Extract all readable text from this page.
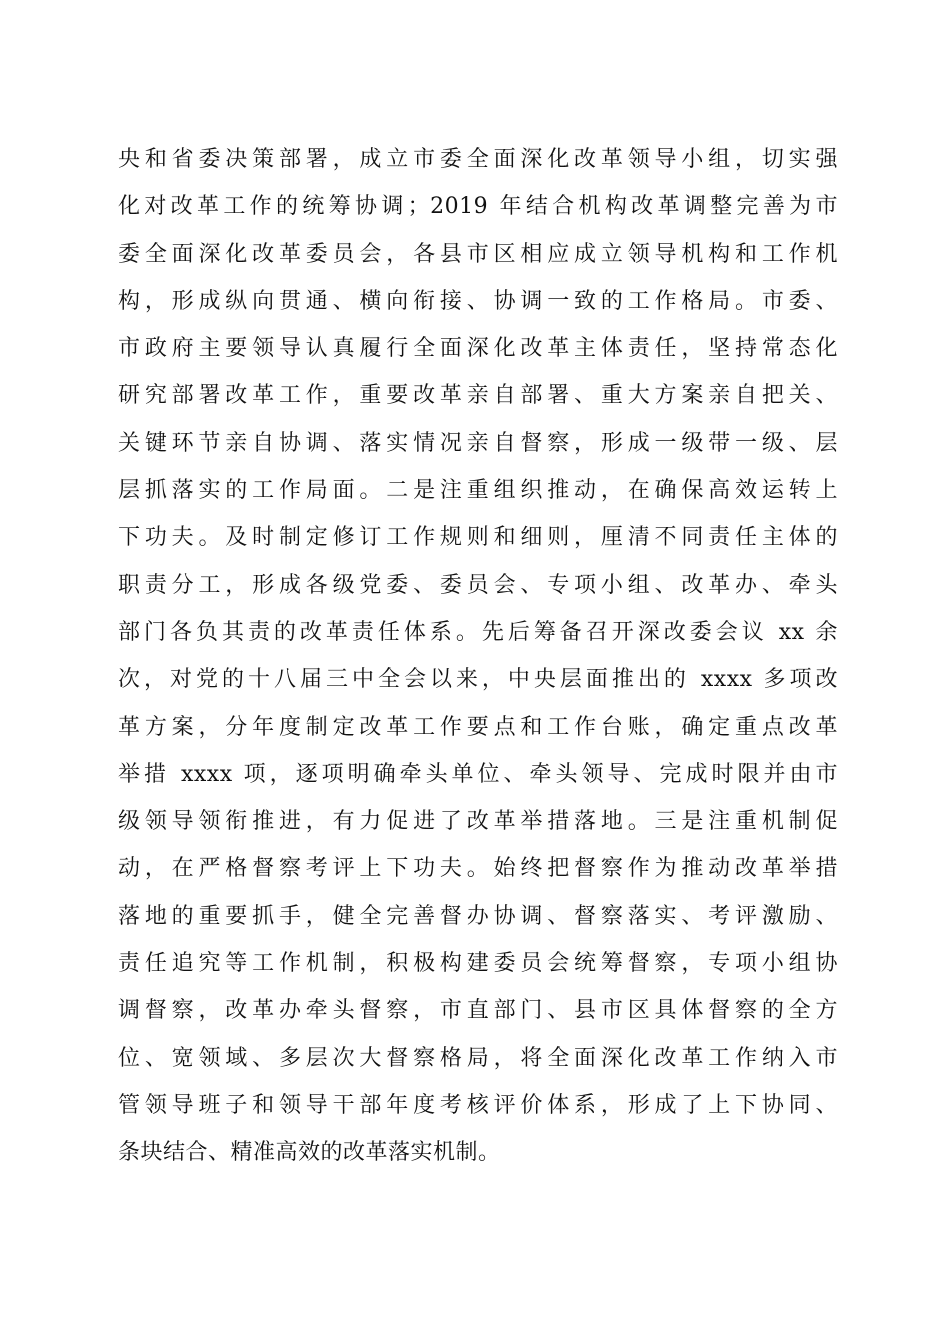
央和省委决策部署，成立市委全面深化改革领导小组，切实强
化对改革工作的统筹协调；2019 年结合机构改革调整完善为市
委全面深化改革委员会，各县市区相应成立领导机构和工作机
构，形成纵向贯通、横向衔接、协调一致的工作格局。市委、
市政府主要领导认真履行全面深化改革主体责任，坚持常态化
研究部署改革工作，重要改革亲自部署、重大方案亲自把关、
关键环节亲自协调、落实情况亲自督察，形成一级带一级、层
层抓落实的工作局面。二是注重组织推动，在确保高效运转上
下功夫。及时制定修订工作规则和细则，厘清不同责任主体的
职责分工，形成各级党委、委员会、专项小组、改革办、牵头
部门各负其责的改革责任体系。先后筹备召开深改委会议 xx 余
次，对党的十八届三中全会以来，中央层面推出的 xxxx 多项改
革方案，分年度制定改革工作要点和工作台账，确定重点改革
举措 xxxx 项，逐项明确牵头单位、牵头领导、完成时限并由市
级领导领衔推进，有力促进了改革举措落地。三是注重机制促
动，在严格督察考评上下功夫。始终把督察作为推动改革举措
落地的重要抓手，健全完善督办协调、督察落实、考评激励、
责任追究等工作机制，积极构建委员会统筹督察，专项小组协
调督察，改革办牵头督察，市直部门、县市区具体督察的全方
位、宽领域、多层次大督察格局，将全面深化改革工作纳入市
管领导班子和领导干部年度考核评价体系，形成了上下协同、
条块结合、精准高效的改革落实机制。
